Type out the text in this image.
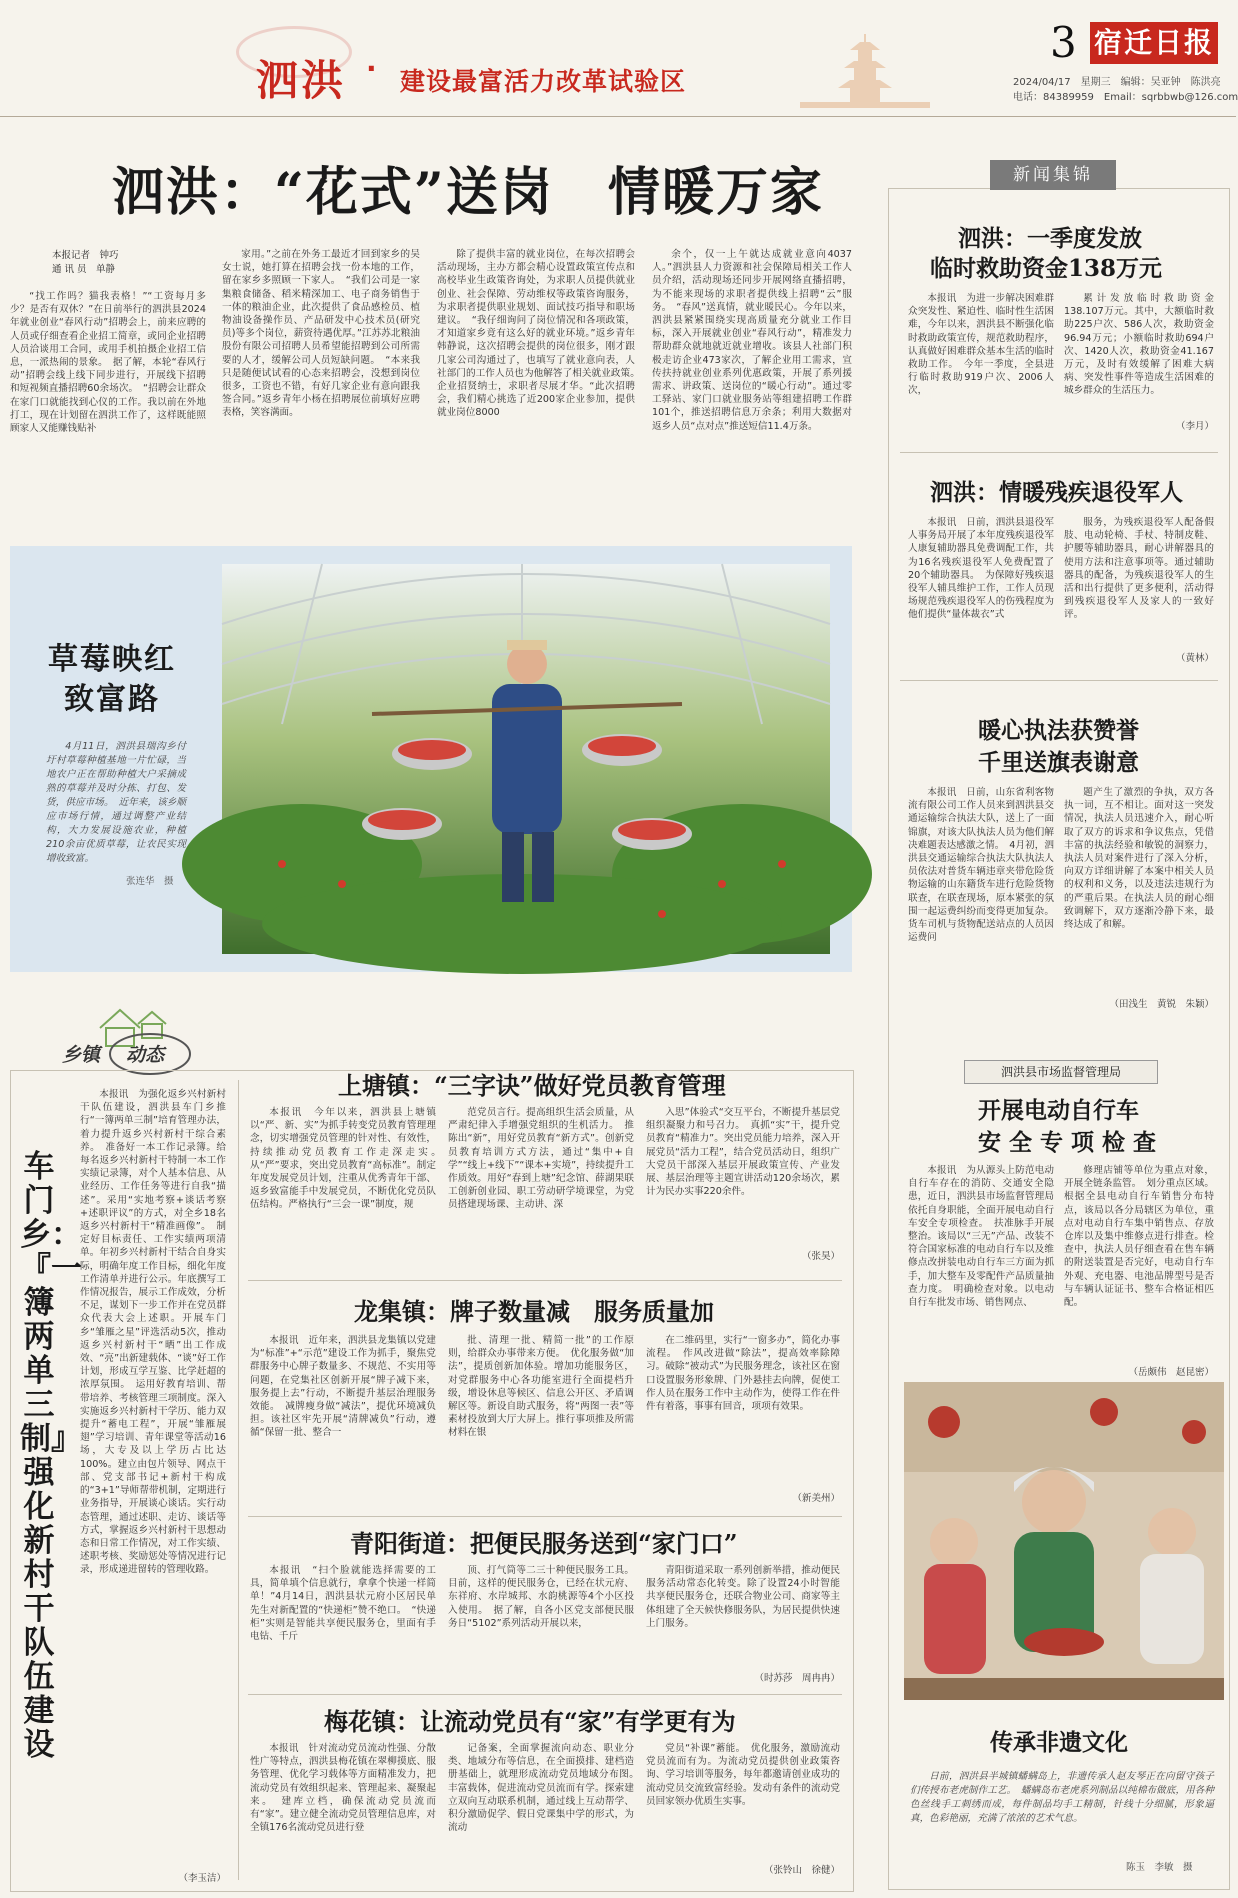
泗洪 · 建设最富活力改革试验区
3 宿迁日报
2024/04/17　星期三　编辑：吴亚钟　陈洪亮
电话：84389959　Email：sqrbbwb@126.com
泗洪：“花式”送岗　情暖万家
本报记者　钟巧
通 讯 员　单静
“找工作吗？猫我表格！”“工资每月多少？是否有双休？”在日前举行的泗洪县2024年就业创业“春风行动”招聘会上，前来应聘的人员或仔细查看企业招工简章，或同企业招聘人员洽谈用工合同，或用手机拍摄企业招工信息，一派热闹的景象。　据了解，本轮“春风行动”招聘会线上线下同步进行，开展线下招聘和短视频直播招聘60余场次。　“招聘会让群众在家门口就能找到心仪的工作。我以前在外地打工，现在计划留在泗洪工作了，这样既能照顾家人又能赚钱贴补
家用。”之前在外务工最近才回到家乡的吴女士说，她打算在招聘会找一份本地的工作，留在家乡多照顾一下家人。　“我们公司是一家集粮食储备、稻米精深加工、电子商务销售于一体的粮油企业，此次提供了食品感检员、植物油设备操作员、产品研发中心技术员(研究员)等多个岗位，薪资待遇优厚。”江苏苏北粮油股份有限公司招聘人员希望能招聘到公司所需要的人才，缓解公司人员短缺问题。　“本来我只是随便试试看的心态来招聘会，没想到岗位很多，工资也不错，有好几家企业有意向跟我签合同。”返乡青年小杨在招聘展位前填好应聘表格，笑容满面。
除了提供丰富的就业岗位，在每次招聘会活动现场，主办方都会精心设置政策宣传点和高校毕业生政策咨询处，为求职人员提供就业创业、社会保障、劳动维权等政策咨询服务，为求职者提供职业规划、面试技巧指导和职场建议。　“我仔细询问了岗位情况和各项政策，才知道家乡竟有这么好的就业环境。”返乡青年韩静说，这次招聘会提供的岗位很多，刚才跟几家公司沟通过了，也填写了就业意向表，人社部门的工作人员也为他解答了相关就业政策。　企业招贤纳士，求职者尽展才华。“此次招聘会，我们精心挑选了近200家企业参加，提供就业岗位8000
余个，仅一上午就达成就业意向4037人。”泗洪县人力资源和社会保障局相关工作人员介绍，活动现场还同步开展网络直播招聘，为不能来现场的求职者提供线上招聘“云”服务。　“春风”送真情，就业暖民心。今年以来，泗洪县紧紧围绕实现高质量充分就业工作目标，深入开展就业创业“春风行动”，精准发力帮助群众就地就近就业增收。该县人社部门积极走访企业473家次，了解企业用工需求，宣传扶持就业创业系列优惠政策，开展了系列援需求、讲政策、送岗位的“暖心行动”。通过零工驿站、家门口就业服务站等组建招聘工作群101个，推送招聘信息万余条；利用大数据对返乡人员“点对点”推送短信11.4万条。
草莓映红
致富路
4月11日，泗洪县瑞沟乡付圩村草莓种植基地一片忙碌，当地农户正在帮助种植大户采摘成熟的草莓并及时分拣、打包、发货，供应市场。　近年来，该乡顺应市场行情，通过调整产业结构，大力发展设施农业，种植210余亩优质草莓，让农民实现增收致富。
张连华　摄
新闻集锦
泗洪：一季度发放
临时救助资金138万元
本报讯　为进一步解决困难群众突发性、紧迫性、临时性生活困难，今年以来，泗洪县不断强化临时救助政策宣传，规范救助程序，认真做好困难群众基本生活的临时救助工作。　今年一季度，全县进行临时救助919户次、2006人次，
累计发放临时救助资金138.107万元。其中，大额临时救助225户次、586人次，救助资金96.94万元；小额临时救助694户次、1420人次，救助资金41.167万元，及时有效缓解了困难大病病、突发性事件等造成生活困难的城乡群众的生活压力。
（李月）
泗洪：情暖残疾退役军人
本报讯　日前，泗洪县退役军人事务局开展了本年度残疾退役军人康复辅助器具免费调配工作，共为16名残疾退役军人免费配置了20个辅助器具。　为保障好残疾退役军人辅具维护工作，工作人员现场规范残疾退役军人的伤残程度为他们提供“量体裁衣”式
服务，为残疾退役军人配备假肢、电动轮椅、手杖、特制皮鞋、护腰等辅助器具，耐心讲解器具的使用方法和注意事项等。通过辅助器具的配备，为残疾退役军人的生活和出行提供了更多便利，活动得到残疾退役军人及家人的一致好评。
（黄林）
暖心执法获赞誉
千里送旗表谢意
本报讯　日前，山东省利客物流有限公司工作人员来到泗洪县交通运输综合执法大队，送上了一面锦旗，对该大队执法人员为他们解决难题表达感激之情。　4月初，泗洪县交通运输综合执法大队执法人员依法对普货车辆违章夹带危险货物运输的山东籍货车进行危险货物联查，在联查现场，原本紧张的氛围一起运费纠纷而变得更加复杂。货车司机与货物配送站点的人员因运费问
题产生了激烈的争执，双方各执一词，互不相让。面对这一突发情况，执法人员迅速介入，耐心听取了双方的诉求和争议焦点，凭借丰富的执法经验和敏锐的洞察力，执法人员对案件进行了深入分析，向双方详细讲解了本案中相关人员的权利和义务，以及违法违规行为的严重后果。在执法人员的耐心细致调解下，双方逐渐冷静下来，最终达成了和解。
（田浅生　黄锐　朱颖）
泗洪县市场监督管理局
开展电动自行车
安 全 专 项 检 查
本报讯　为从源头上防范电动自行车存在的消防、交通安全隐患，近日，泗洪县市场监督管理局依托自身职能，全面开展电动自行车安全专项检查。　扶准脉手开展整治。该局以“三无”产品、改装不符合国家标准的电动自行车以及维修点改拼装电动自行车三方面为抓手，加大整车及零配件产品质量抽查力度。　明确检查对象。以电动自行车批发市场、销售网点、
修理店铺等单位为重点对象，开展全链条监管。　划分重点区域。根据全县电动自行车销售分布特点，该局以各分局辖区为单位，重点对电动自行车集中销售点、存放仓库以及集中维修点进行排查。检查中，执法人员仔细查看在售车辆的附送装置是否完好，电动自行车外观、充电器、电池品牌型号是否与车辆认证证书、整车合格证相匹配。
（岳颇伟　赵昆密）
传承非遗文化
日前，泗洪县半城镇蟠螨岛上，非遗传承人赵友琴正在向留守孩子们传授布老虎制作工艺。　蟠螨岛布老虎系列制品以纯棉布做底，用各种色丝线手工刺绣而成，每件制品均手工精制，针线十分细腻，形象逼真，色彩艳丽，充满了浓浓的艺术气息。
陈玉　李敏　摄
乡镇 动态
车门乡：『一簿两单三制』强化新村干队伍建设
本报讯　为强化返乡兴村新村干队伍建设，泗洪县车门乡推行“一簿两单三制”培育管理办法，着力提升返乡兴村新村干综合素养。　准备好一本工作记录簿。给每名返乡兴村新村干特制一本工作实绩记录簿，对个人基本信息、从业经历、工作任务等进行自我“描述”。采用“实地考察+谈话考察+述职评议”的方式，对全乡18名返乡兴村新村干“精准画像”。　制定好目标责任、工作实绩两项清单。年初乡兴村新村干结合自身实际，明确年度工作目标，细化年度工作清单并进行公示。年底撰写工作情况报告，展示工作成效，分析不足，谋划下一步工作并在党员群众代表大会上述职。开展车门乡“雏雁之星”评选活动5次，推动返乡兴村新村干“晒”出工作成效、“亮”出新建载体、“谈”好工作计划，形成互学互鉴、比学赶超的浓厚氛围。　运用好教育培训、帮带培养、考核管理三项制度。深入实施返乡兴村新村干学历、能力双提升“蓄电工程”，开展“雏雁展翅”学习培训、青年课堂等活动16场，大专及以上学历占比达100%。建立由包片领导、网点干部、党支部书记+新村干构成的“3+1”导师帮带机制，定期进行业务指导，开展谈心谈话。实行动态管理，通过述职、走访、谈话等方式，掌握返乡兴村新村干思想动态和日常工作情况，对工作实绩、述职考核、奖励惩处等情况进行记录，形成递进留转的管理收路。
（李玉洁）
上塘镇：“三字诀”做好党员教育管理
本报讯　今年以来，泗洪县上塘镇以“严、新、实”为抓手转变党员教育管理理念，切实增强党员管理的针对性、有效性，持续推动党员教育工作走深走实。　从“严”要求，突出党员教育“高标准”。制定年度发展党员计划，注重从优秀青年干部、返乡致富能手中发展党员，不断优化党员队伍结构。严格执行“三会一课”制度，规
范党员言行。提高组织生活会质量，从严肃纪律入手增强党组织的生机活力。　推陈出“新”，用好党员教育“新方式”。创新党员教育培训方式方法，通过“集中+自学”“线上+线下”“课本+实境”，持续提升工作质效。用好“春到上塘”纪念馆、薛湖果联工创新创业园、职工劳动研学境课堂，为党员搭建现场课、主动讲、深
入思”体验式“交互平台，不断提升基层党组织凝聚力和号召力。　真抓“实”干，提升党员教育“精准力”。突出党员能力培养，深入开展党员“活力工程”，结合党员活动日，组织广大党员干部深入基层开展政策宣传、产业发展、基层治理等主题宣讲活动120余场次，累计为民办实事220余件。
（张昊）
龙集镇：牌子数量减　服务质量加
本报讯　近年来，泗洪县龙集镇以党建为“标准”+“示范”建设工作为抓手，聚焦党群服务中心牌子数量多、不规范、不实用等问题，在党集社区创新开展“牌子减下来，服务提上去”行动，不断提升基层治理服务效能。　减牌瘦身做“减法”，提优环境减负担。该社区牢先开展“清牌减负”行动，遵循“保留一批、整合一
批、清理一批、精简一批”的工作原则，给群众办事带来方便。　优化服务做“加法”，提质创新加体验。增加功能服务区，对党群服务中心各功能室进行全面提档升级，增设休息等候区、信息公开区、矛盾调解区等。新设自助式服务，将“两图一表”等素材投放到大厅大屏上。推行事项推及所需材料在银
在二维码里，实行“一窗多办”，简化办事流程。　作风改进做“除法”，提高效率除障习。破除“被动式”为民服务理念，该社区在窗口设置服务形象牌、门外悬挂去向牌，促使工作人员在服务工作中主动作为，使得工作在件件有着落，事事有回音，项项有效果。
（新美州）
青阳街道：把便民服务送到“家门口”
本报讯　“扫个脸就能选择需要的工具，简单填个信息就行，拿拿个快递一样简单！”4月14日，泗洪县状元府小区居民单先生对新配置的“快递柜”赞不绝口。　“快递柜”实则是智能共享便民服务仓，里面有手电钻、千斤
顶、打气筒等二三十种便民服务工具。目前，这样的便民服务仓，已经在状元府、东祥府、水岸城邦、水韵桃源等4个小区投入使用。　据了解，自各小区党支部便民服务日“5102”系列活动开展以来，
青阳街道采取一系列创新举措，推动便民服务活动常态化转变。除了设置24小时智能共享便民服务仓，还联合物业公司、商家等主体组建了全天候快修服务队，为居民提供快速上门服务。
（时苏莎　周冉冉）
梅花镇：让流动党员有“家”有学更有为
本报讯　针对流动党员流动性强、分散性广等特点，泗洪县梅花镇在翠柳摸底、服务管理、优化学习载体等方面精准发力，把流动党员有效组织起来、管理起来、凝聚起来。　建库立档，确保流动党员流而有“家”。建立健全流动党员管理信息库，对全镇176名流动党员进行登
记备案，全面掌握流向动态、职业分类、地域分布等信息，在全面摸排、建档造册基础上，就理形成流动党员地域分布图。　丰富载体，促进流动党员流而有学。探索建立双向互动联系机制，通过线上互动帮学、积分激励促学、假日党课集中学的形式，为流动
党员“补课”蓄能。　优化服务，激励流动党员流而有为。为流动党员提供创业政策咨询、学习培训等服务，每年都邀请创业成功的流动党员交流致富经验。发动有条件的流动党员回家领办优质生实事。
（张铃山　徐健）
